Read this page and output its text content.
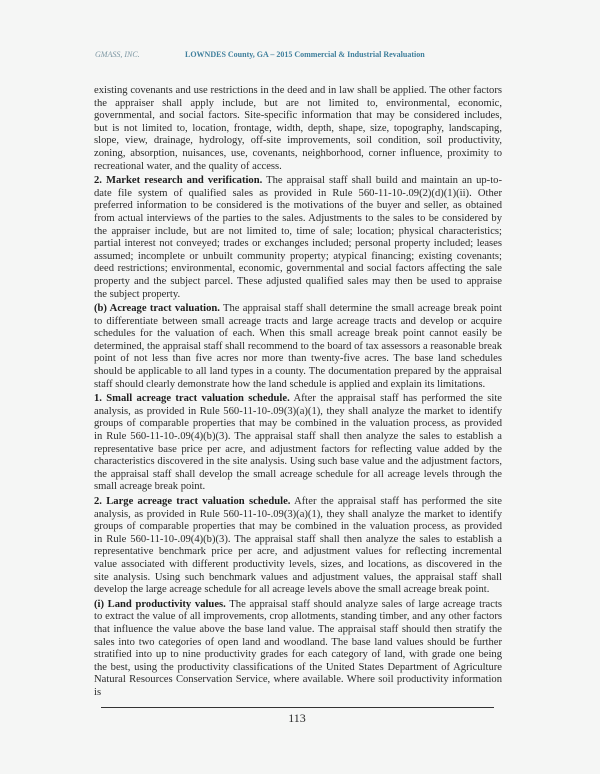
GMASS, INC.	LOWNDES County, GA – 2015 Commercial & Industrial Revaluation
existing covenants and use restrictions in the deed and in law shall be applied. The other factors
the appraiser shall apply include, but are not limited to, environmental, economic,
governmental, and social factors. Site-specific information that may be considered includes,
but is not limited to, location, frontage, width, depth, shape, size, topography, landscaping,
slope, view, drainage, hydrology, off-site improvements, soil condition, soil productivity,
zoning, absorption, nuisances, use, covenants, neighborhood, corner influence, proximity to
recreational water, and the quality of access.
2. Market research and verification. The appraisal staff shall build and maintain an up-to-
date file system of qualified sales as provided in Rule 560-11-10-.09(2)(d)(1)(ii). Other
preferred information to be considered is the motivations of the buyer and seller, as obtained
from actual interviews of the parties to the sales. Adjustments to the sales to be considered by
the appraiser include, but are not limited to, time of sale; location; physical characteristics;
partial interest not conveyed; trades or exchanges included; personal property included; leases
assumed; incomplete or unbuilt community property; atypical financing; existing covenants;
deed restrictions; environmental, economic, governmental and social factors affecting the sale
property and the subject parcel. These adjusted qualified sales may then be used to appraise
the subject property.
(b) Acreage tract valuation. The appraisal staff shall determine the small acreage break point
to differentiate between small acreage tracts and large acreage tracts and develop or acquire
schedules for the valuation of each. When this small acreage break point cannot easily be
determined, the appraisal staff shall recommend to the board of tax assessors a reasonable break
point of not less than five acres nor more than twenty-five acres. The base land schedules
should be applicable to all land types in a county. The documentation prepared by the appraisal
staff should clearly demonstrate how the land schedule is applied and explain its limitations.
1. Small acreage tract valuation schedule. After the appraisal staff has performed the site
analysis, as provided in Rule 560-11-10-.09(3)(a)(1), they shall analyze the market to identify
groups of comparable properties that may be combined in the valuation process, as provided
in Rule 560-11-10-.09(4)(b)(3). The appraisal staff shall then analyze the sales to establish a
representative base price per acre, and adjustment factors for reflecting value added by the
characteristics discovered in the site analysis. Using such base value and the adjustment factors,
the appraisal staff shall develop the small acreage schedule for all acreage levels through the
small acreage break point.
2. Large acreage tract valuation schedule. After the appraisal staff has performed the site
analysis, as provided in Rule 560-11-10-.09(3)(a)(1), they shall analyze the market to identify
groups of comparable properties that may be combined in the valuation process, as provided
in Rule 560-11-10-.09(4)(b)(3). The appraisal staff shall then analyze the sales to establish a
representative benchmark price per acre, and adjustment values for reflecting incremental
value associated with different productivity levels, sizes, and locations, as discovered in the
site analysis. Using such benchmark values and adjustment values, the appraisal staff shall
develop the large acreage schedule for all acreage levels above the small acreage break point.
(i) Land productivity values. The appraisal staff should analyze sales of large acreage tracts
to extract the value of all improvements, crop allotments, standing timber, and any other factors
that influence the value above the base land value. The appraisal staff should then stratify the
sales into two categories of open land and woodland. The base land values should be further
stratified into up to nine productivity grades for each category of land, with grade one being
the best, using the productivity classifications of the United States Department of Agriculture
Natural Resources Conservation Service, where available. Where soil productivity information
is
113
